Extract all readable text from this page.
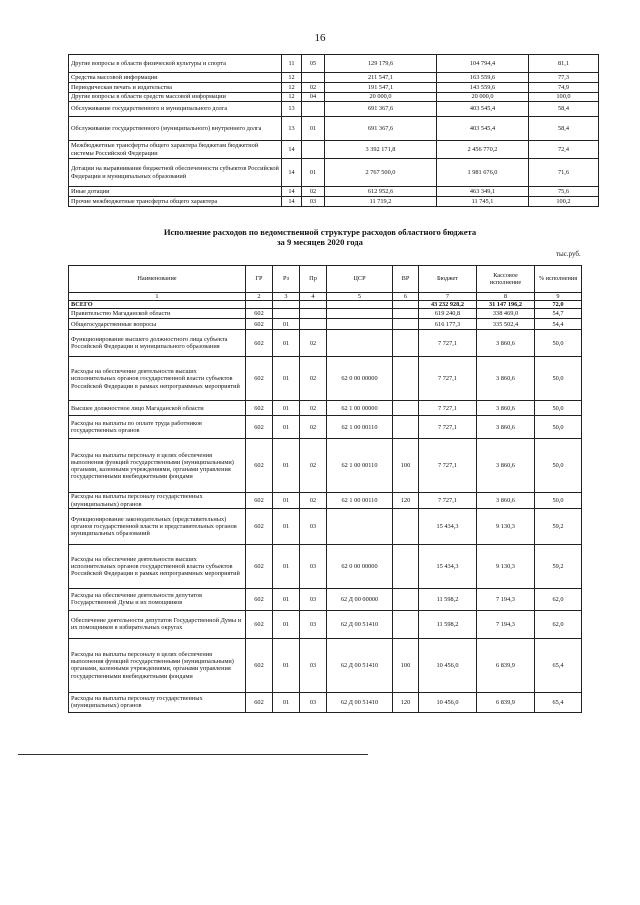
16
Другие вопросы в области физической культуры и спорта	11	05	129 179,6	104 794,4	81,1
Средства массовой информации	12		211 547,1	163 559,6	77,3
Периодическая печать и издательства	12	02	191 547,1	143 559,6	74,9
Другие вопросы в области средств массовой информации	12	04	20 000,0	20 000,0	100,0
Обслуживание государственного и муниципального долга	13		691 367,6	403 545,4	58,4
Обслуживание государственного (муниципального) внутреннего долга	13	01	691 367,6	403 545,4	58,4
Межбюджетные трансферты общего характера бюджетам бюджетной системы Российской Федерации	14		3 392 171,8	2 456 770,2	72,4
Дотации на выравнивание бюджетной обеспеченности субъектов Российской Федерации и муниципальных образований	14	01	2 767 500,0	1 981 676,0	71,6
Иные дотации	14	02	612 952,6	463 349,1	75,6
Прочие межбюджетные трансферты общего характера	14	03	11 719,2	11 745,1	100,2
Исполнение расходов по ведомственной структуре расходов областного бюджета
за 9 месяцев 2020 года
тыс.руб.
Наименование	ГР	Рз	Пр	ЦСР	ВР	Бюджет	Кассовое исполнение	% исполнения
1	2	3	4	5	6	7	8	9
ВСЕГО						43 232 928,2	31 147 196,2	72,0
Правительство Магаданской области	602					619 240,8	338 469,0	54,7
Общегосударственные вопросы	602	01				616 177,3	335 502,4	54,4
Функционирование высшего должностного лица субъекта Российской Федерации и муниципального образования	602	01	02			7 727,1	3 860,6	50,0
Расходы на обеспечение деятельности высших исполнительных органов государственной власти субъектов Российской Федерации в рамках непрограммных мероприятий	602	01	02	62 0 00 00000		7 727,1	3 860,6	50,0
Высшее должностное лицо Магаданской области	602	01	02	62 1 00 00000		7 727,1	3 860,6	50,0
Расходы на выплаты по оплате труда работников государственных органов	602	01	02	62 1 00 00110		7 727,1	3 860,6	50,0
Расходы на выплаты персоналу в целях обеспечения выполнения функций государственными (муниципальными) органами, казенными учреждениями, органами управления государственными внебюджетными фондами	602	01	02	62 1 00 00110	100	7 727,1	3 860,6	50,0
Расходы на выплаты персоналу государственных (муниципальных) органов	602	01	02	62 1 00 00110	120	7 727,1	3 860,6	50,0
Функционирование законодательных (представительных) органов государственной власти и представительных органов муниципальных образований	602	01	03			15 434,3	9 130,3	59,2
Расходы на обеспечение деятельности высших исполнительных органов государственной власти субъектов Российской Федерации в рамках непрограммных мероприятий	602	01	03	62 0 00 00000		15 434,3	9 130,3	59,2
Расходы на обеспечение деятельности депутатов Государственной Думы и их помощников	602	01	03	62 Д 00 00000		11 598,2	7 194,3	62,0
Обеспечение деятельности депутатов Государственной Думы и их помощников в избирательных округах	602	01	03	62 Д 00 51410		11 598,2	7 194,3	62,0
Расходы на выплаты персоналу в целях обеспечения выполнения функций государственными (муниципальными) органами, казенными учреждениями, органами управления государственными внебюджетными фондами	602	01	03	62 Д 00 51410	100	10 456,0	6 839,9	65,4
Расходы на выплаты персоналу государственных (муниципальных) органов	602	01	03	62 Д 00 51410	120	10 456,0	6 839,9	65,4
